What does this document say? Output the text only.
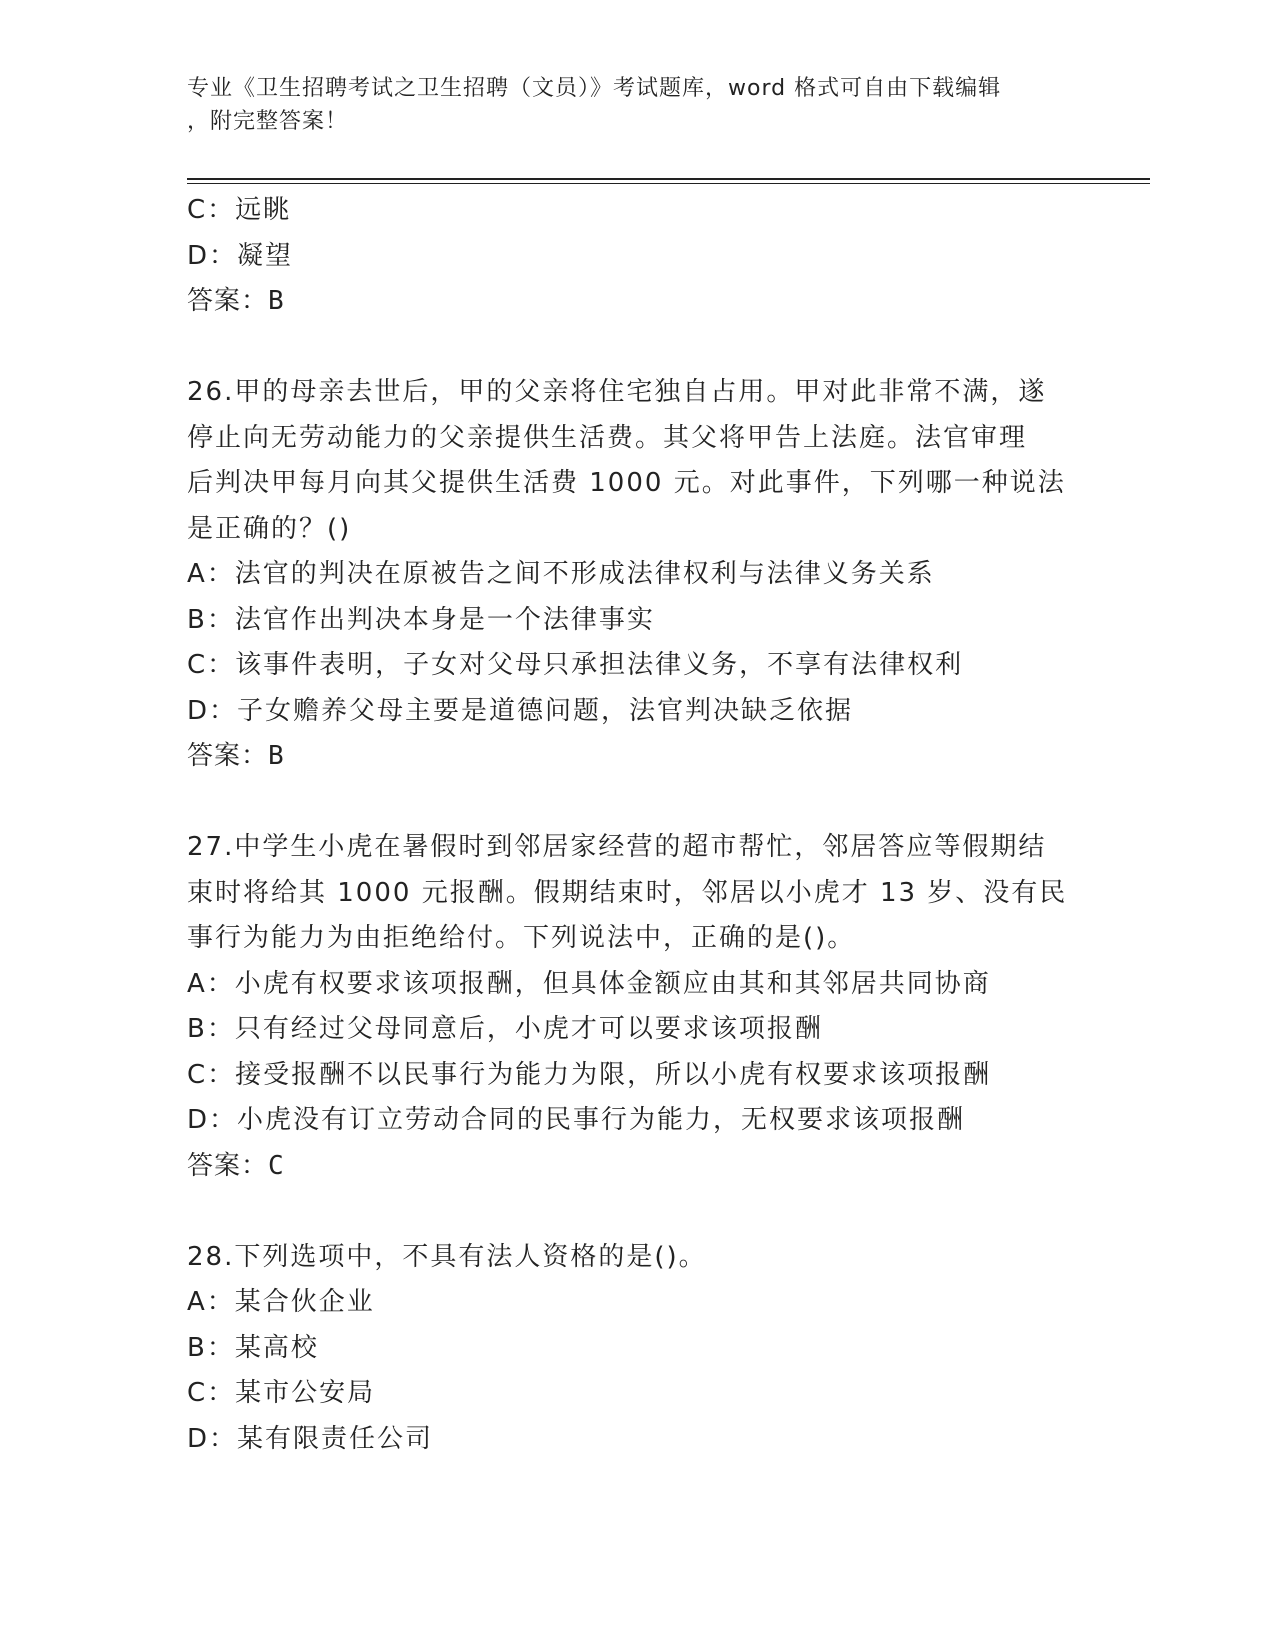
专业《卫生招聘考试之卫生招聘（文员）》考试题库，word 格式可自由下载编辑
，附完整答案！
C：远眺
D：凝望
答案：B
26.甲的母亲去世后，甲的父亲将住宅独自占用。甲对此非常不满，遂
停止向无劳动能力的父亲提供生活费。其父将甲告上法庭。法官审理
后判决甲每月向其父提供生活费 1000 元。对此事件，下列哪一种说法
是正确的？()
A：法官的判决在原被告之间不形成法律权利与法律义务关系
B：法官作出判决本身是一个法律事实
C：该事件表明，子女对父母只承担法律义务，不享有法律权利
D：子女赡养父母主要是道德问题，法官判决缺乏依据
答案：B
27.中学生小虎在暑假时到邻居家经营的超市帮忙，邻居答应等假期结
束时将给其 1000 元报酬。假期结束时，邻居以小虎才 13 岁、没有民
事行为能力为由拒绝给付。下列说法中，正确的是()。
A：小虎有权要求该项报酬，但具体金额应由其和其邻居共同协商
B：只有经过父母同意后，小虎才可以要求该项报酬
C：接受报酬不以民事行为能力为限，所以小虎有权要求该项报酬
D：小虎没有订立劳动合同的民事行为能力，无权要求该项报酬
答案：C
28.下列选项中，不具有法人资格的是()。
A：某合伙企业
B：某高校
C：某市公安局
D：某有限责任公司
